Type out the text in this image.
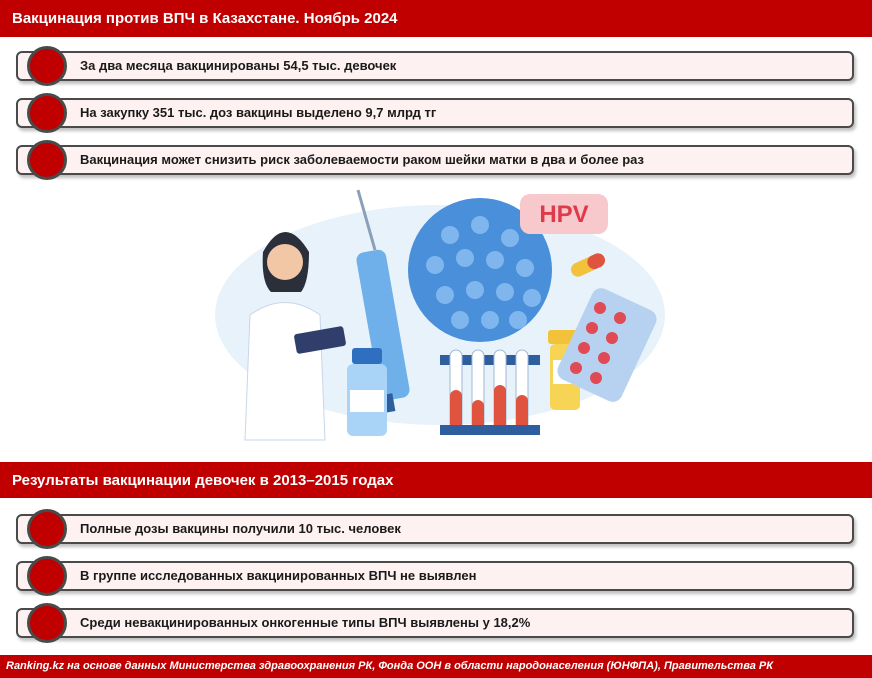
Вакцинация против ВПЧ в Казахстане. Ноябрь 2024
За два месяца вакцинированы 54,5 тыс. девочек
На закупку 351 тыс. доз вакцины выделено 9,7 млрд тг
Вакцинация может снизить риск заболеваемости раком шейки матки в два и более раз
HPV
Результаты вакцинации девочек в 2013–2015 годах
Полные дозы вакцины получили 10 тыс. человек
В группе исследованных вакцинированных ВПЧ не выявлен
Среди невакцинированных онкогенные типы ВПЧ выявлены у 18,2%
Ranking.kz на основе данных Министерства здравоохранения РК, Фонда ООН в области народонаселения (ЮНФПА), Правительства РК
